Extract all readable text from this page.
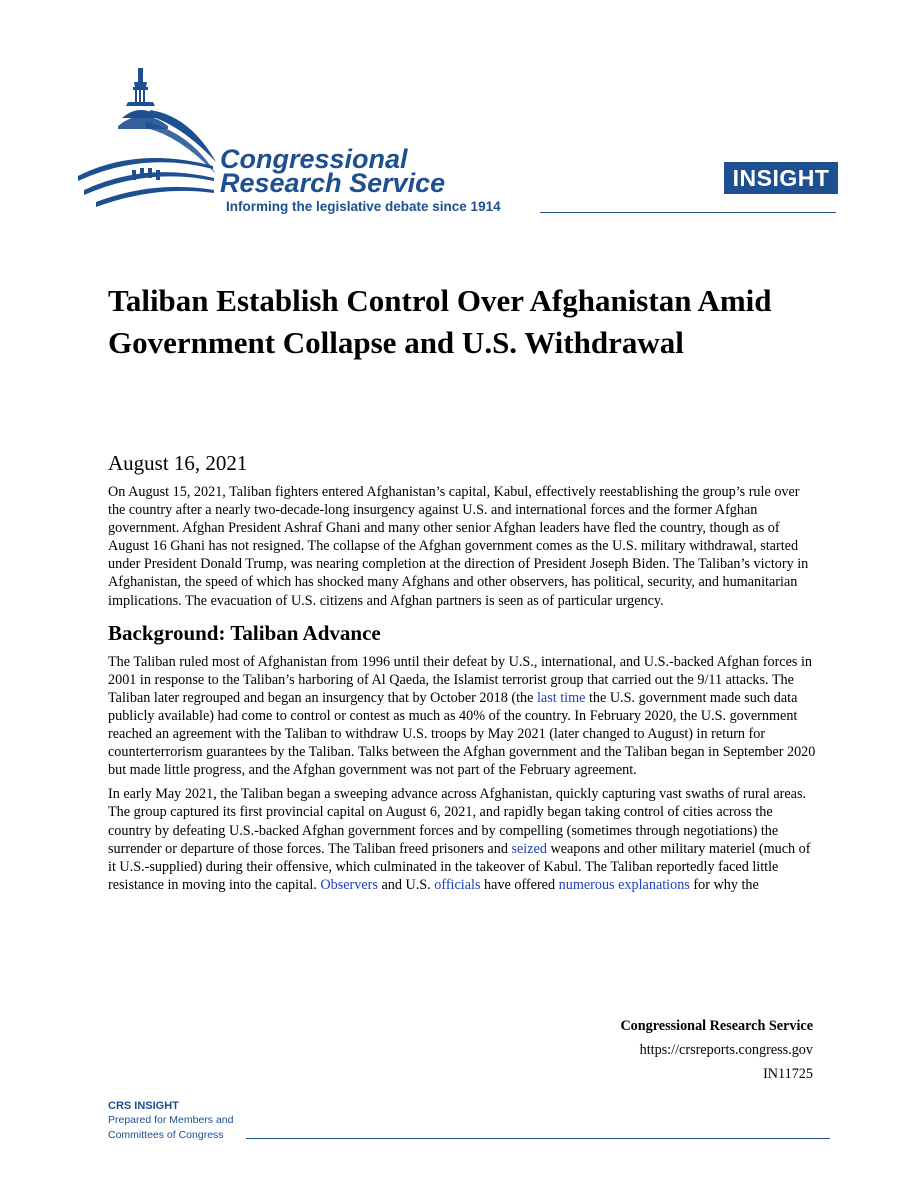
Congressional
Research Service
Informing the legislative debate since 1914
INSIGHT
Taliban Establish Control Over Afghanistan Amid Government Collapse and U.S. Withdrawal
August 16, 2021

On August 15, 2021, Taliban fighters entered Afghanistan’s capital, Kabul, effectively reestablishing the group’s rule over the country after a nearly two-decade-long insurgency against U.S. and international forces and the former Afghan government. Afghan President Ashraf Ghani and many other senior Afghan leaders have fled the country, though as of August 16 Ghani has not resigned. The collapse of the Afghan government comes as the U.S. military withdrawal, started under President Donald Trump, was nearing completion at the direction of President Joseph Biden. The Taliban’s victory in Afghanistan, the speed of which has shocked many Afghans and other observers, has political, security, and humanitarian implications. The evacuation of U.S. citizens and Afghan partners is seen as of particular urgency.

Background: Taliban Advance

The Taliban ruled most of Afghanistan from 1996 until their defeat by U.S., international, and U.S.-backed Afghan forces in 2001 in response to the Taliban’s harboring of Al Qaeda, the Islamist terrorist group that carried out the 9/11 attacks. The Taliban later regrouped and began an insurgency that by October 2018 (the last time the U.S. government made such data publicly available) had come to control or contest as much as 40% of the country. In February 2020, the U.S. government reached an agreement with the Taliban to withdraw U.S. troops by May 2021 (later changed to August) in return for counterterrorism guarantees by the Taliban. Talks between the Afghan government and the Taliban began in September 2020 but made little progress, and the Afghan government was not part of the February agreement.

In early May 2021, the Taliban began a sweeping advance across Afghanistan, quickly capturing vast swaths of rural areas. The group captured its first provincial capital on August 6, 2021, and rapidly began taking control of cities across the country by defeating U.S.-backed Afghan government forces and by compelling (sometimes through negotiations) the surrender or departure of those forces. The Taliban freed prisoners and seized weapons and other military materiel (much of it U.S.-supplied) during their offensive, which culminated in the takeover of Kabul. The Taliban reportedly faced little resistance in moving into the capital. Observers and U.S. officials have offered numerous explanations for why the

Congressional Research Service
https://crsreports.congress.gov
IN11725
CRS INSIGHT
Prepared for Members and
Committees of Congress
